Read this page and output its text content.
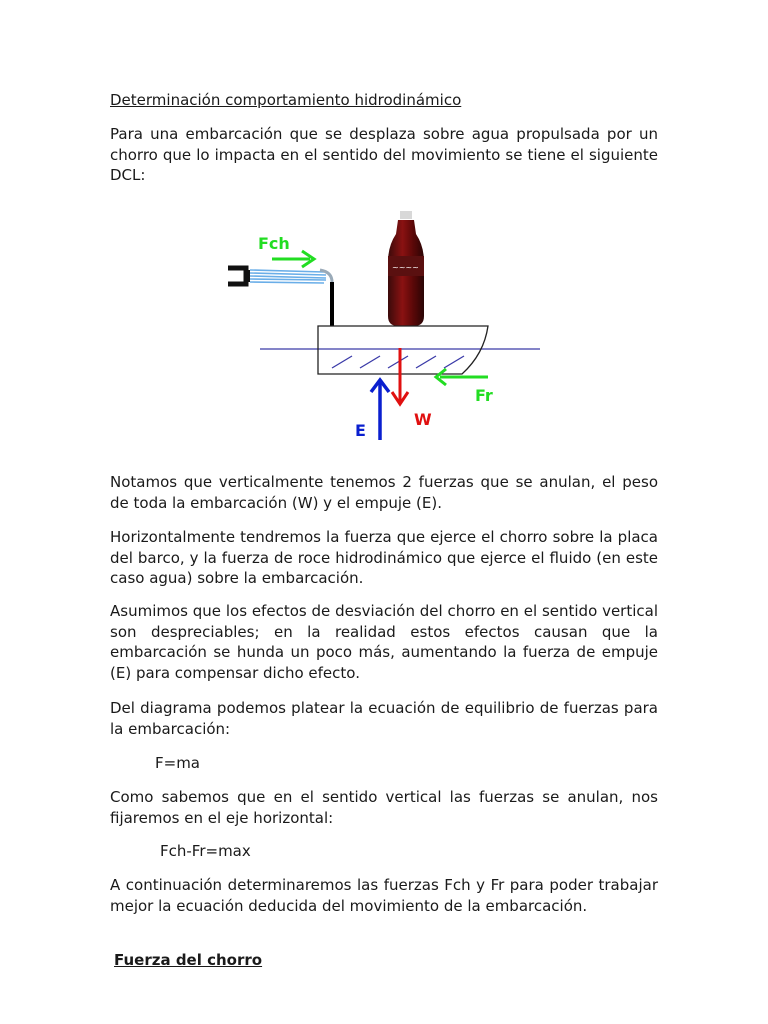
Determinación comportamiento hidrodinámico

Para una embarcación que se desplaza sobre agua propulsada por un chorro que lo impacta en el sentido del movimiento se tiene el siguiente DCL:

Fch
~~~~
W
E
Fr

Notamos que verticalmente tenemos 2 fuerzas que se anulan, el peso de toda la embarcación (W) y el empuje (E).

Horizontalmente tendremos la fuerza que ejerce el chorro sobre la placa del barco, y la fuerza de roce hidrodinámico que ejerce el fluido (en este caso agua) sobre la embarcación.

Asumimos que los efectos de desviación del chorro en el sentido vertical son despreciables; en la realidad estos efectos causan que la embarcación se hunda un poco más, aumentando la fuerza de empuje (E) para compensar dicho efecto.

Del diagrama podemos platear la ecuación de equilibrio de fuerzas para la embarcación:

F=ma

Como sabemos que en el sentido vertical las fuerzas se anulan, nos fijaremos en el eje horizontal:

Fch-Fr=max

A continuación determinaremos las fuerzas Fch y Fr para poder trabajar mejor la ecuación deducida del movimiento de la embarcación.

Fuerza del chorro
